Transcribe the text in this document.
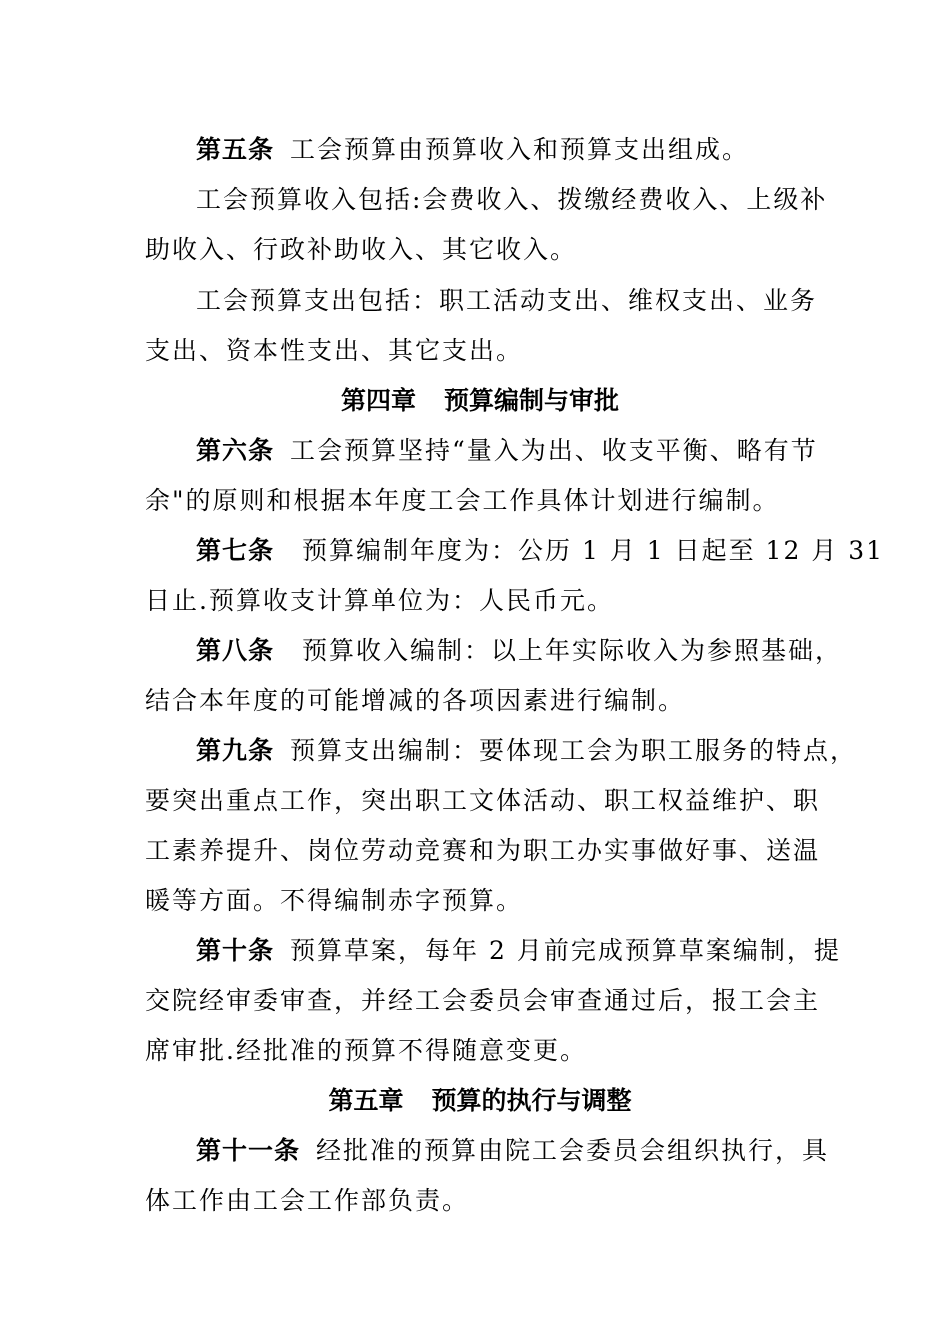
第五条 工会预算由预算收入和预算支出组成。
工会预算收入包括:会费收入、拨缴经费收入、上级补
助收入、行政补助收入、其它收入。
工会预算支出包括：职工活动支出、维权支出、业务
支出、资本性支出、其它支出。
第四章 预算编制与审批
第六条 工会预算坚持“量入为出、收支平衡、略有节
余"的原则和根据本年度工会工作具体计划进行编制。
第七条 预算编制年度为：公历 1 月 1 日起至 12 月 31
日止.预算收支计算单位为：人民币元。
第八条 预算收入编制：以上年实际收入为参照基础，
结合本年度的可能增减的各项因素进行编制。
第九条 预算支出编制：要体现工会为职工服务的特点，
要突出重点工作，突出职工文体活动、职工权益维护、职
工素养提升、岗位劳动竞赛和为职工办实事做好事、送温
暖等方面。不得编制赤字预算。
第十条 预算草案，每年 2 月前完成预算草案编制，提
交院经审委审查，并经工会委员会审查通过后，报工会主
席审批.经批准的预算不得随意变更。
第五章 预算的执行与调整
第十一条 经批准的预算由院工会委员会组织执行，具
体工作由工会工作部负责。
